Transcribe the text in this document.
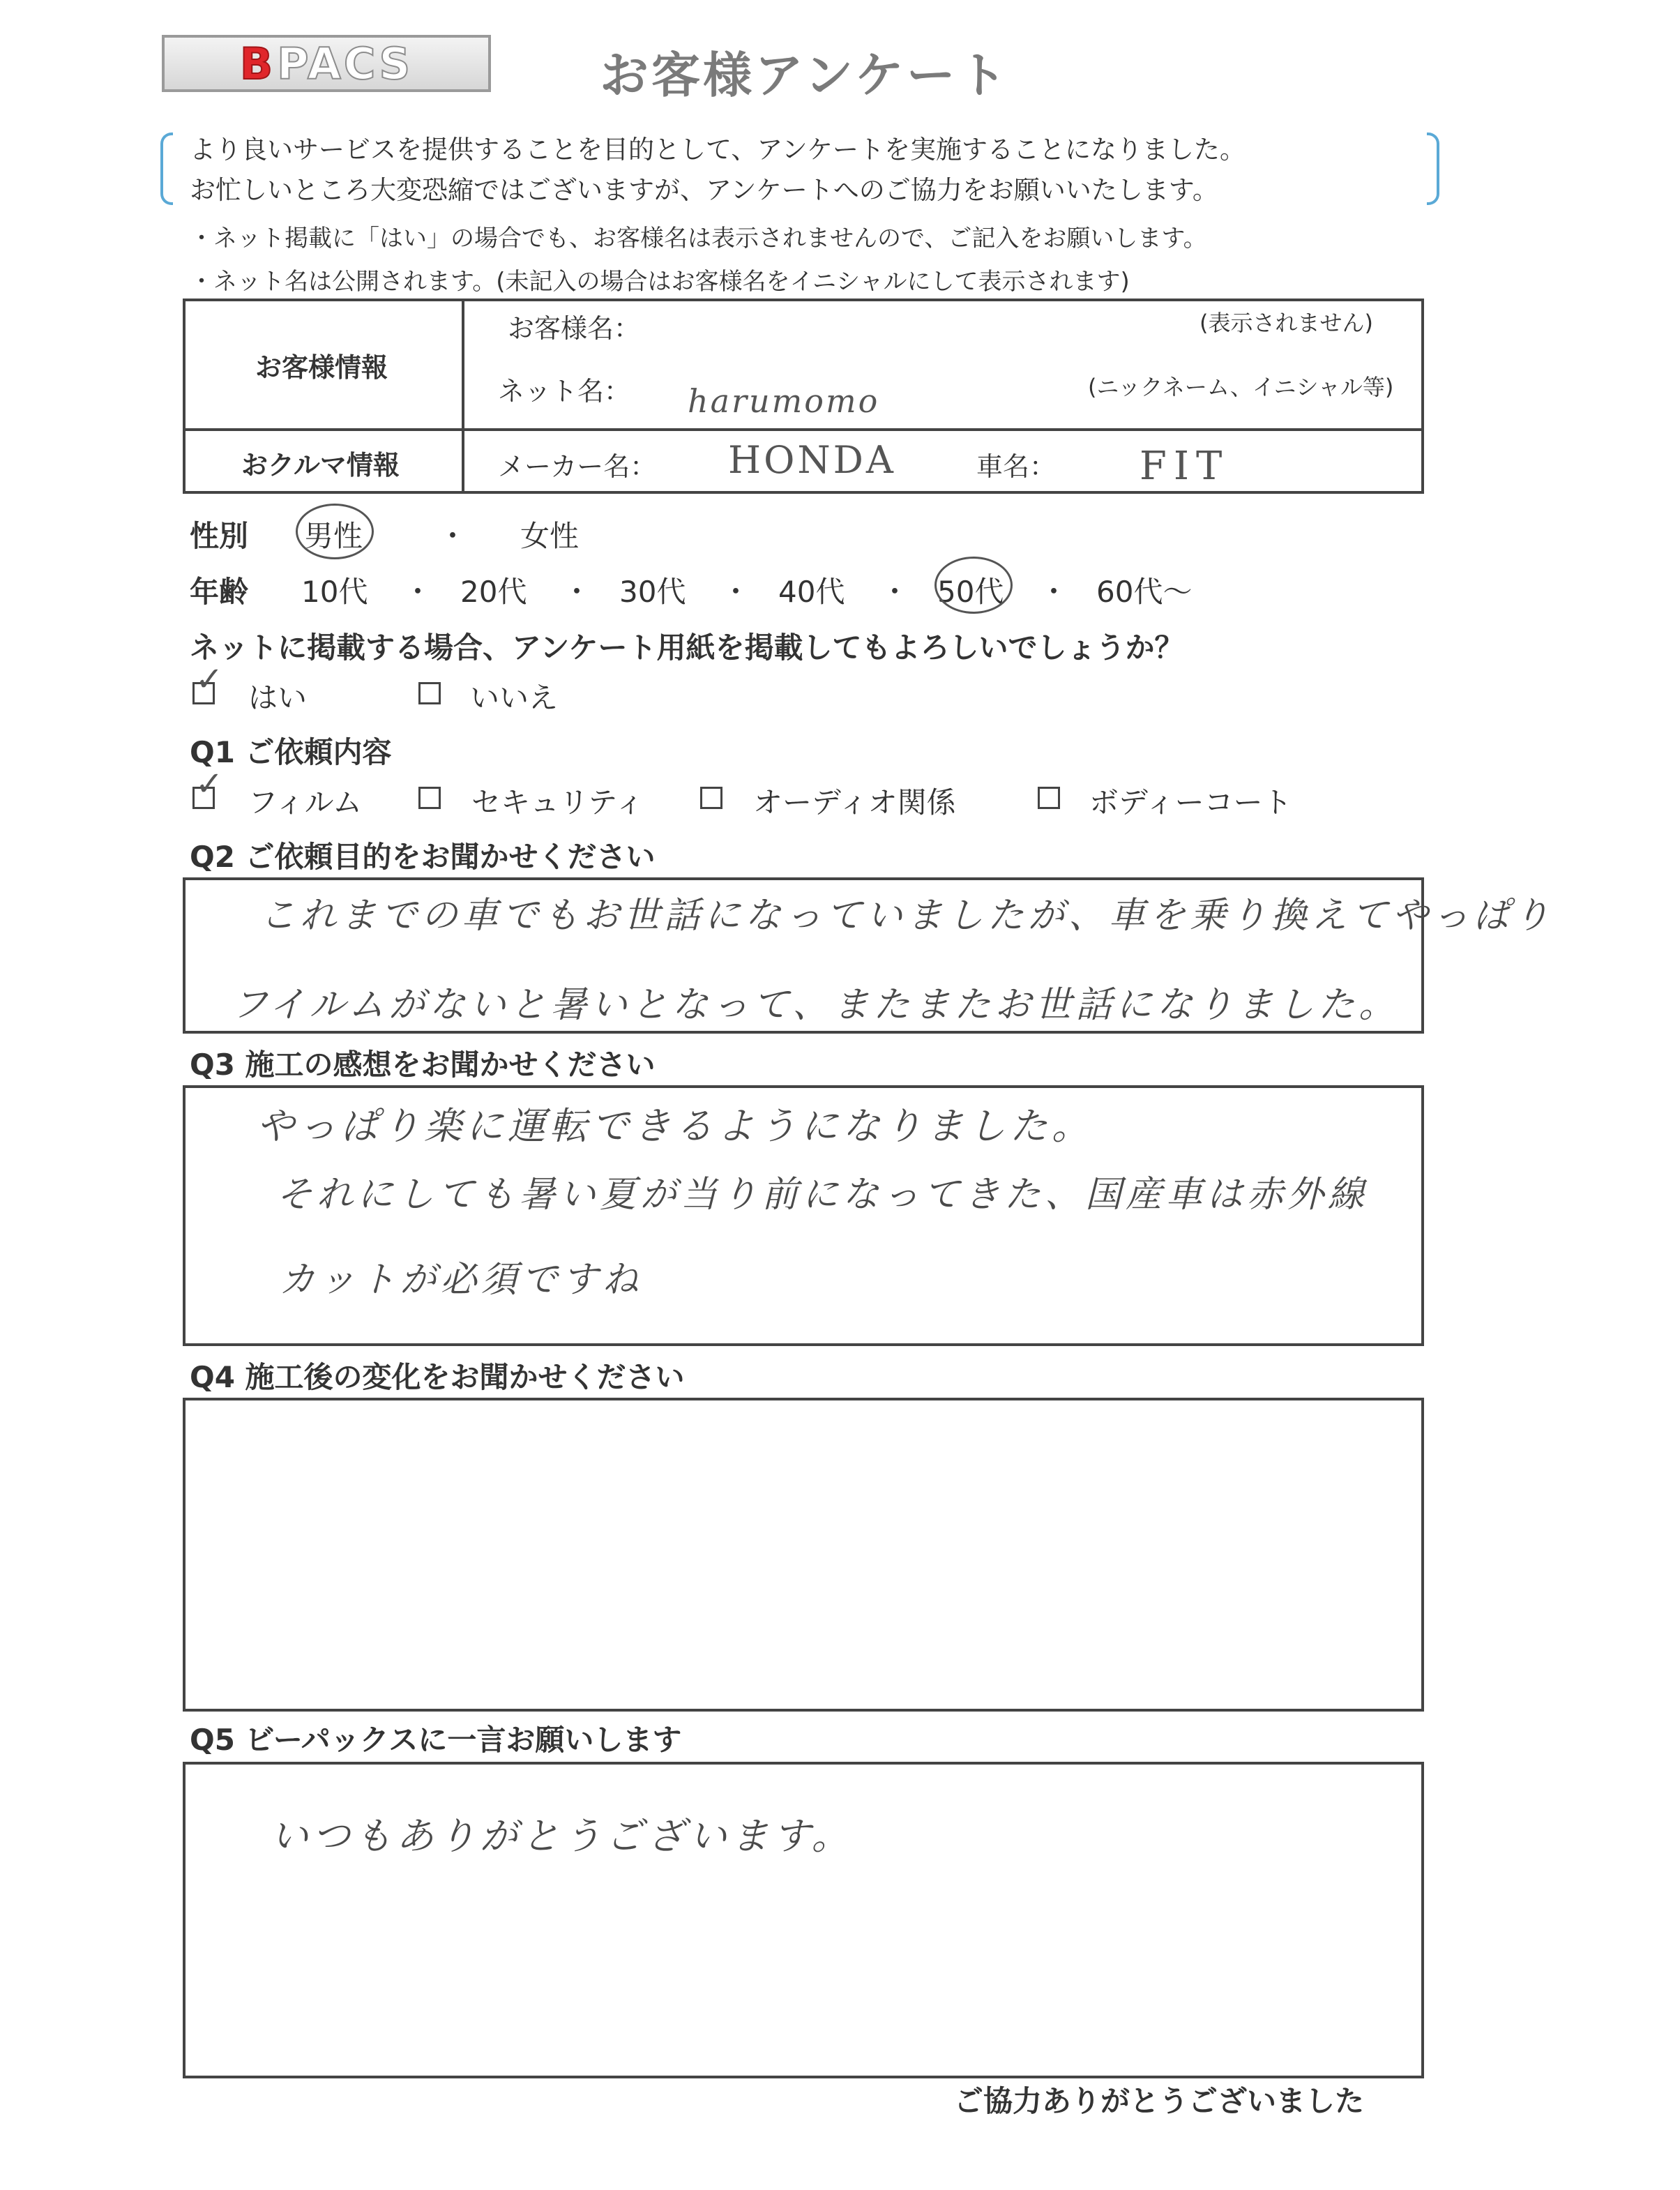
B PACS	お客様アンケート
より良いサービスを提供することを目的として、アンケートを実施することになりました。
お忙しいところ大変恐縮ではございますが、アンケートへのご協力をお願いいたします。
・ネット掲載に「はい」の場合でも、お客様名は表示されませんので、ご記入をお願いします。
・ネット名は公開されます。(未記入の場合はお客様名をイニシャルにして表示されます)
お客様情報
お客様名：	(表示されません)
ネット名： harumomo	(ニックネーム、イニシャル等)
おクルマ情報	メーカー名： HONDA	車名： FIT
性別 男性	・ 女性
年齢 10代 ・ 20代 ・ 30代 ・ 40代 ・ 50代 ・ 60代〜
ネットに掲載する場合、アンケート用紙を掲載してもよろしいでしょうか？
✓ はい	いいえ
Q1 ご依頼内容
✓ フィルム	セキュリティ	オーディオ関係	ボディーコート
Q2 ご依頼目的をお聞かせください
これまでの車でもお世話になっていましたが、車を乗り換えてやっぱり
フイルムがないと暑いとなって、またまたお世話になりました。
Q3 施工の感想をお聞かせください
やっぱり楽に運転できるようになりました。
それにしても暑い夏が当り前になってきた、国産車は赤外線
カットが必須ですね
Q4 施工後の変化をお聞かせください
Q5 ビーパックスに一言お願いします
いつもありがとうございます。
ご協力ありがとうございました
